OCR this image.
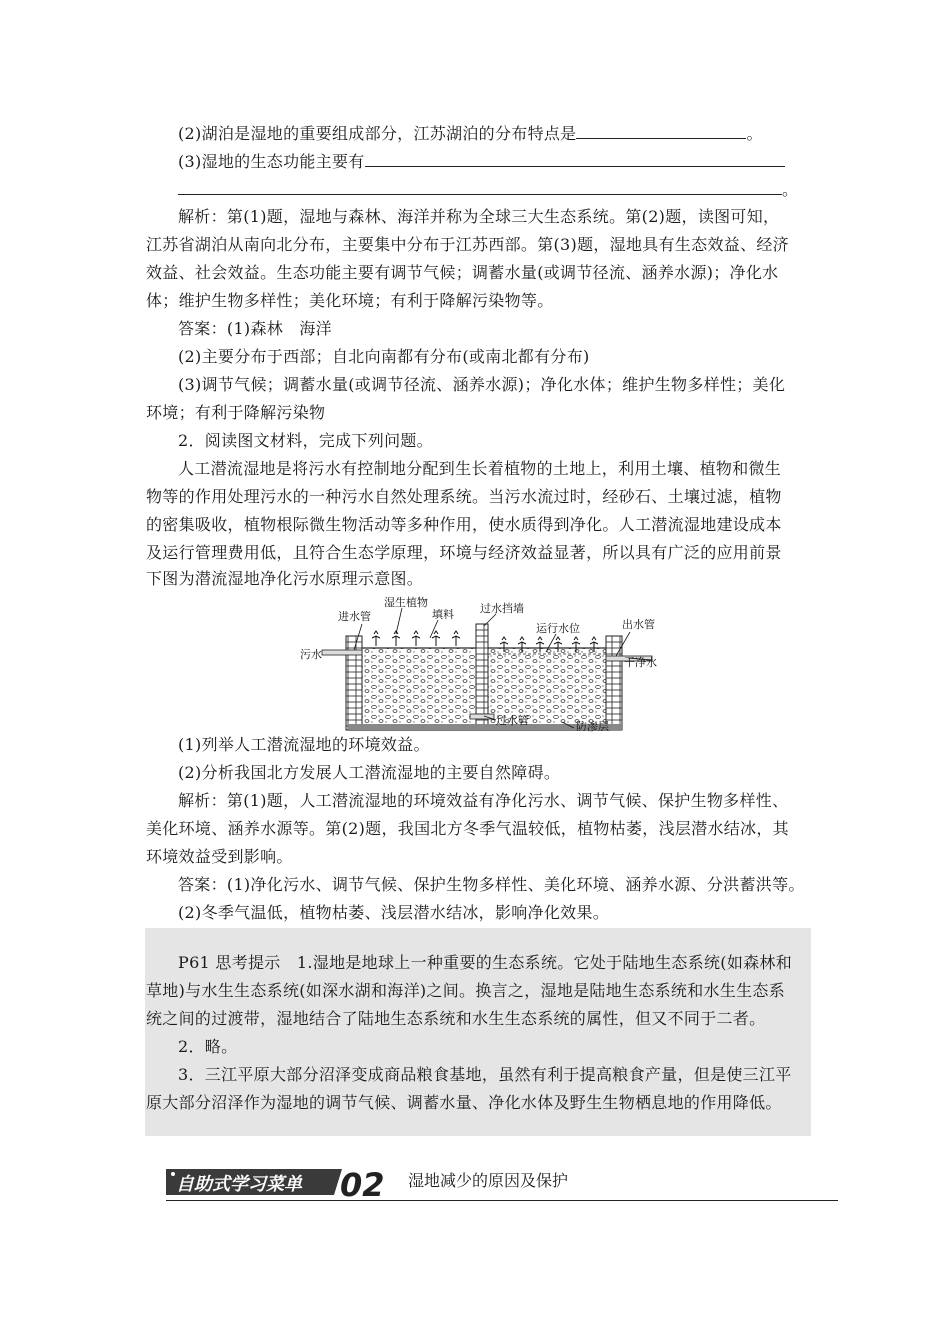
(2)湖泊是湿地的重要组成部分，江苏湖泊的分布特点是	。
(3)湿地的生态功能主要有
。
解析：第(1)题，湿地与森林、海洋并称为全球三大生态系统。第(2)题，读图可知，
江苏省湖泊从南向北分布，主要集中分布于江苏西部。第(3)题，湿地具有生态效益、经济
效益、社会效益。生态功能主要有调节气候；调蓄水量(或调节径流、涵养水源)；净化水
体；维护生物多样性；美化环境；有利于降解污染物等。
答案：(1)森林　海洋
(2)主要分布于西部；自北向南都有分布(或南北都有分布)
(3)调节气候；调蓄水量(或调节径流、涵养水源)；净化水体；维护生物多样性；美化
环境；有利于降解污染物
2．阅读图文材料，完成下列问题。
人工潜流湿地是将污水有控制地分配到生长着植物的土地上，利用土壤、植物和微生
物等的作用处理污水的一种污水自然处理系统。当污水流过时，经砂石、土壤过滤，植物
的密集吸收，植物根际微生物活动等多种作用，使水质得到净化。人工潜流湿地建设成本
及运行管理费用低，且符合生态学原理，环境与经济效益显著，所以具有广泛的应用前景
下图为潜流湿地净化污水原理示意图。
湿生植物
进水管	填料 过水挡墙
运行水位	出水管
污水
干净水
过水管	防渗层
(1)列举人工潜流湿地的环境效益。
(2)分析我国北方发展人工潜流湿地的主要自然障碍。
解析：第(1)题，人工潜流湿地的环境效益有净化污水、调节气候、保护生物多样性、
美化环境、涵养水源等。第(2)题，我国北方冬季气温较低，植物枯萎，浅层潜水结冰，其
环境效益受到影响。
答案：(1)净化污水、调节气候、保护生物多样性、美化环境、涵养水源、分洪蓄洪等。
(2)冬季气温低，植物枯萎、浅层潜水结冰，影响净化效果。
P61 思考提示　1.湿地是地球上一种重要的生态系统。它处于陆地生态系统(如森林和
草地)与水生生态系统(如深水湖和海洋)之间。换言之，湿地是陆地生态系统和水生生态系
统之间的过渡带，湿地结合了陆地生态系统和水生生态系统的属性，但又不同于二者。
2．略。
3．三江平原大部分沼泽变成商品粮食基地，虽然有利于提高粮食产量，但是使三江平
原大部分沼泽作为湿地的调节气候、调蓄水量、净化水体及野生生物栖息地的作用降低。
自助式学习菜单 02 湿地减少的原因及保护
